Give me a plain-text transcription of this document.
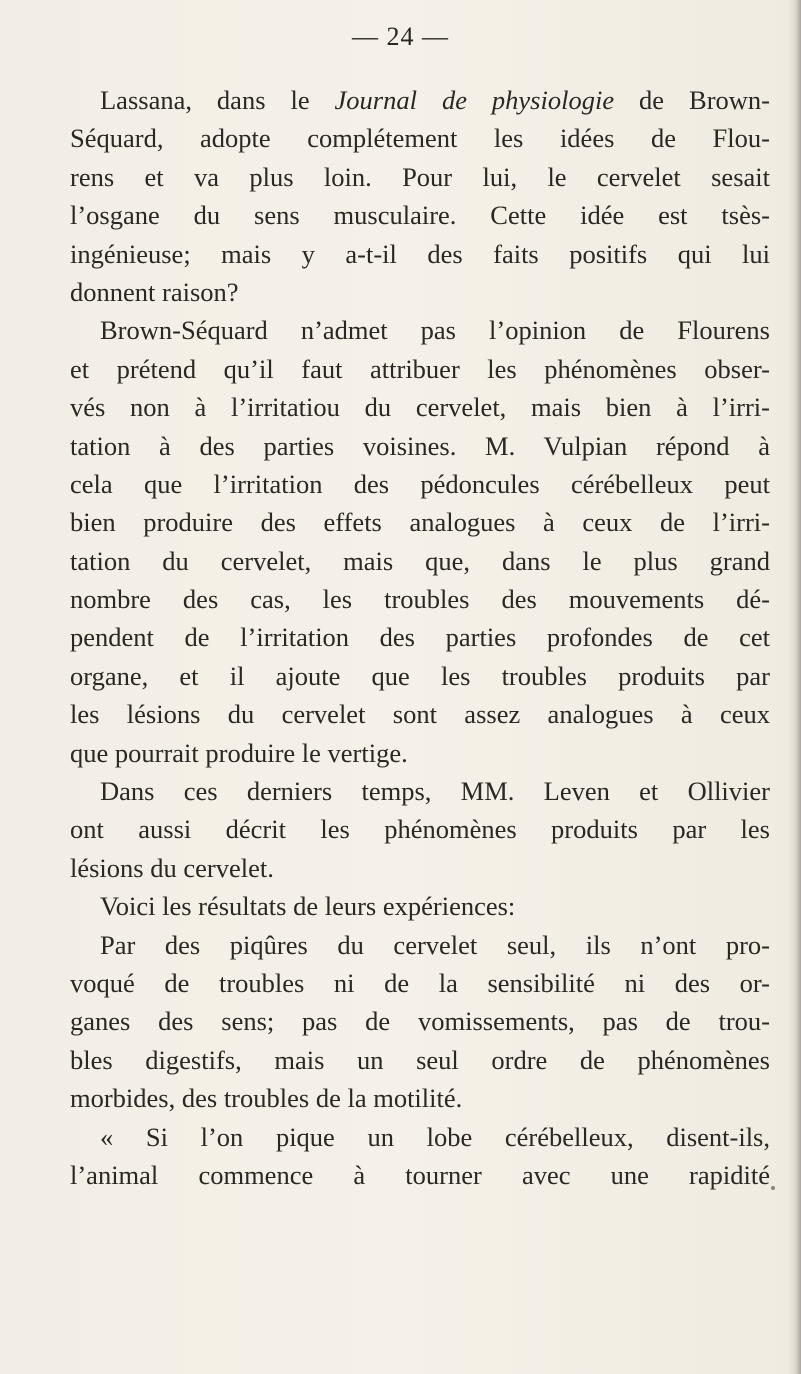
— 24 —
Lassana, dans le Journal de physiologie de Brown-
Séquard, adopte complétement les idées de Flou-
rens et va plus loin. Pour lui, le cervelet sesait
l’osgane du sens musculaire. Cette idée est tsès-
ingénieuse; mais y a-t-il des faits positifs qui lui
donnent raison?
Brown-Séquard n’admet pas l’opinion de Flourens
et prétend qu’il faut attribuer les phénomènes obser-
vés non à l’irritatiou du cervelet, mais bien à l’irri-
tation à des parties voisines. M. Vulpian répond à
cela que l’irritation des pédoncules cérébelleux peut
bien produire des effets analogues à ceux de l’irri-
tation du cervelet, mais que, dans le plus grand
nombre des cas, les troubles des mouvements dé-
pendent de l’irritation des parties profondes de cet
organe, et il ajoute que les troubles produits par
les lésions du cervelet sont assez analogues à ceux
que pourrait produire le vertige.
Dans ces derniers temps, MM. Leven et Ollivier
ont aussi décrit les phénomènes produits par les
lésions du cervelet.
Voici les résultats de leurs expériences:
Par des piqûres du cervelet seul, ils n’ont pro-
voqué de troubles ni de la sensibilité ni des or-
ganes des sens; pas de vomissements, pas de trou-
bles digestifs, mais un seul ordre de phénomènes
morbides, des troubles de la motilité.
« Si l’on pique un lobe cérébelleux, disent-ils,
l’animal commence à tourner avec une rapidité
